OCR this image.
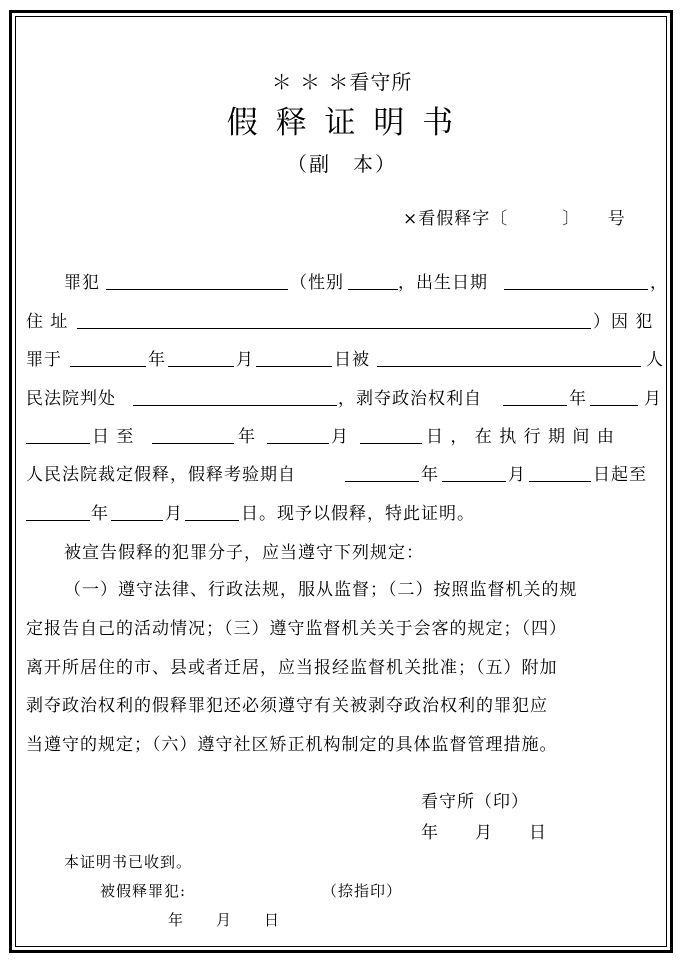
＊ ＊ ＊看守所
假 释 证 明 书
（副　本）
×看假释字〔　　　〕　　号
罪犯	（性别	，出生日期	，
住 址	）因 犯
罪于	年	月	日被	人
民法院判处	，剥夺政治权利自	年	月
日 至	年	月	日 ， 在 执 行 期 间 由
人民法院裁定假释，假释考验期自	年	月	日起至
年	月	日。现予以假释，特此证明。
被宣告假释的犯罪分子，应当遵守下列规定：
（一）遵守法律、行政法规，服从监督；（二）按照监督机关的规
定报告自己的活动情况；（三）遵守监督机关关于会客的规定；（四）
离开所居住的市、县或者迁居，应当报经监督机关批准；（五）附加
剥夺政治权利的假释罪犯还必须遵守有关被剥夺政治权利的罪犯应
当遵守的规定；（六）遵守社区矫正机构制定的具体监督管理措施。
看守所（印）
年　　月　　日
本证明书已收到。
被假释罪犯:	（捺指印）
年　　月　　日
